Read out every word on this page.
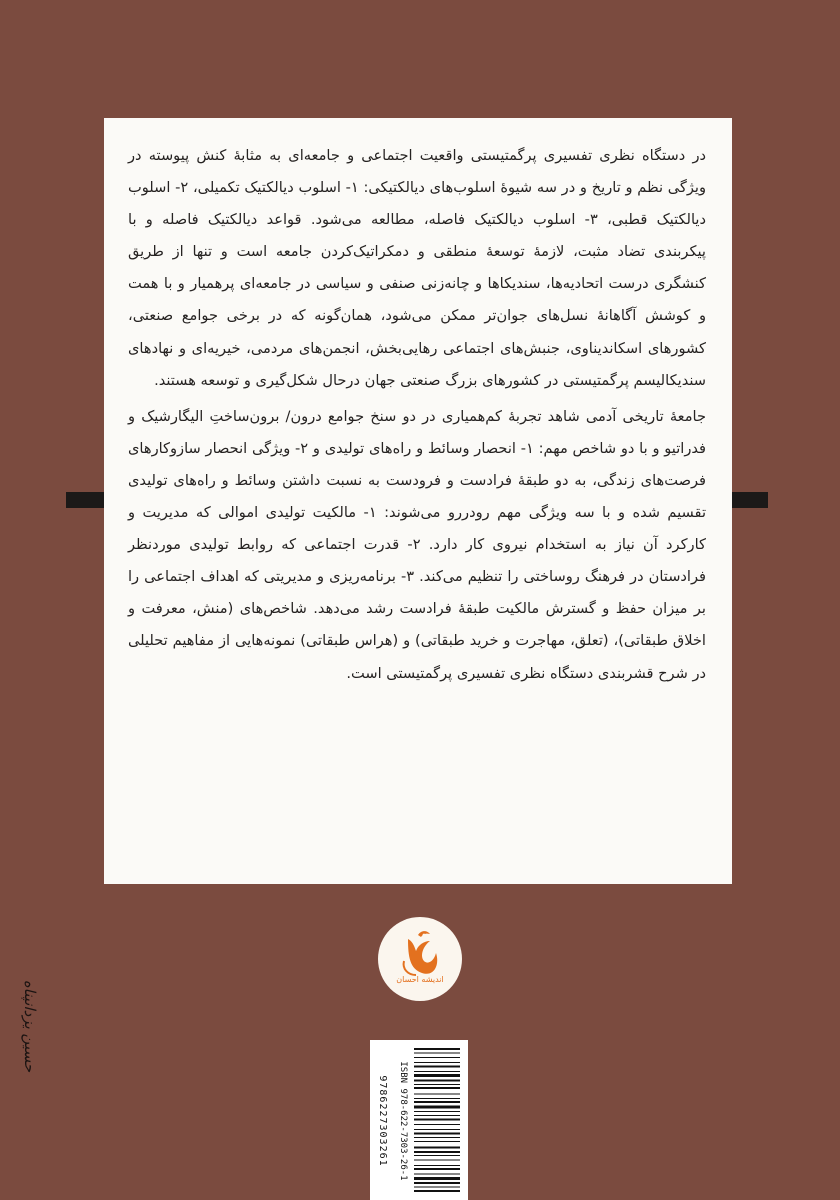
در دستگاه نظری تفسیری پرگمتیستی واقعیت اجتماعی و جامعه‌ای به مثابهٔ کنش پیوسته در ویژگی نظم و تاریخ و در سه شیوهٔ اسلوب‌های دیالکتیکی: ۱- اسلوب دیالکتیک تکمیلی، ۲- اسلوب دیالکتیک قطبی، ۳- اسلوب دیالکتیک فاصله، مطالعه می‌شود. قواعد دیالکتیک فاصله و با پیکربندی تضاد مثبت، لازمهٔ توسعهٔ منطقی و دمکراتیک‌کردن جامعه است و تنها از طریق کنشگری درست اتحادیه‌ها، سندیکاها و چانه‌زنی صنفی و سیاسی در جامعه‌ای پرهمیار و با همت و کوشش آگاهانهٔ نسل‌های جوان‌تر ممکن می‌شود، همان‌گونه که در برخی جوامع صنعتی، کشورهای اسکاندیناوی، جنبش‌های اجتماعی رهایی‌بخش، انجمن‌های مردمی، خیریه‌ای و نهادهای سندیکالیسم پرگمتیستی در کشورهای بزرگ صنعتی جهان درحال شکل‌گیری و توسعه هستند.

جامعهٔ تاریخی آدمی شاهد تجربهٔ کم‌همیاری در دو سنخ جوامع درون/ برون‌ساختِ الیگارشیک و فدراتیو و با دو شاخص مهم: ۱- انحصار وسائط و راه‌های تولیدی و ۲- ویژگی انحصار سازوکارهای فرصت‌های زندگی، به دو طبقهٔ فرادست و فرودست به نسبت داشتن وسائط و راه‌های تولیدی تقسیم شده و با سه ویژگی مهم رودررو می‌شوند: ۱- مالکیت تولیدی اموالی که مدیریت و کارکرد آن نیاز به استخدام نیروی کار دارد. ۲- قدرت اجتماعی که روابط تولیدی موردنظر فرادستان در فرهنگ روساختی را تنظیم می‌کند. ۳- برنامه‌ریزی و مدیریتی که اهداف اجتماعی را بر میزان حفظ و گسترش مالکیت طبقهٔ فرادست رشد می‌دهد. شاخص‌های (منش، معرفت و اخلاق طبقاتی)، (تعلق، مهاجرت و خرید طبقاتی) و (هراس طبقاتی) نمونه‌هایی از مفاهیم تحلیلی در شرح قشربندی دستگاه نظری تفسیری پرگمتیستی است.

اندیشه احسان
ISBN 978-622-7303-26-1
9786227303261
حسین یزدانپناه
